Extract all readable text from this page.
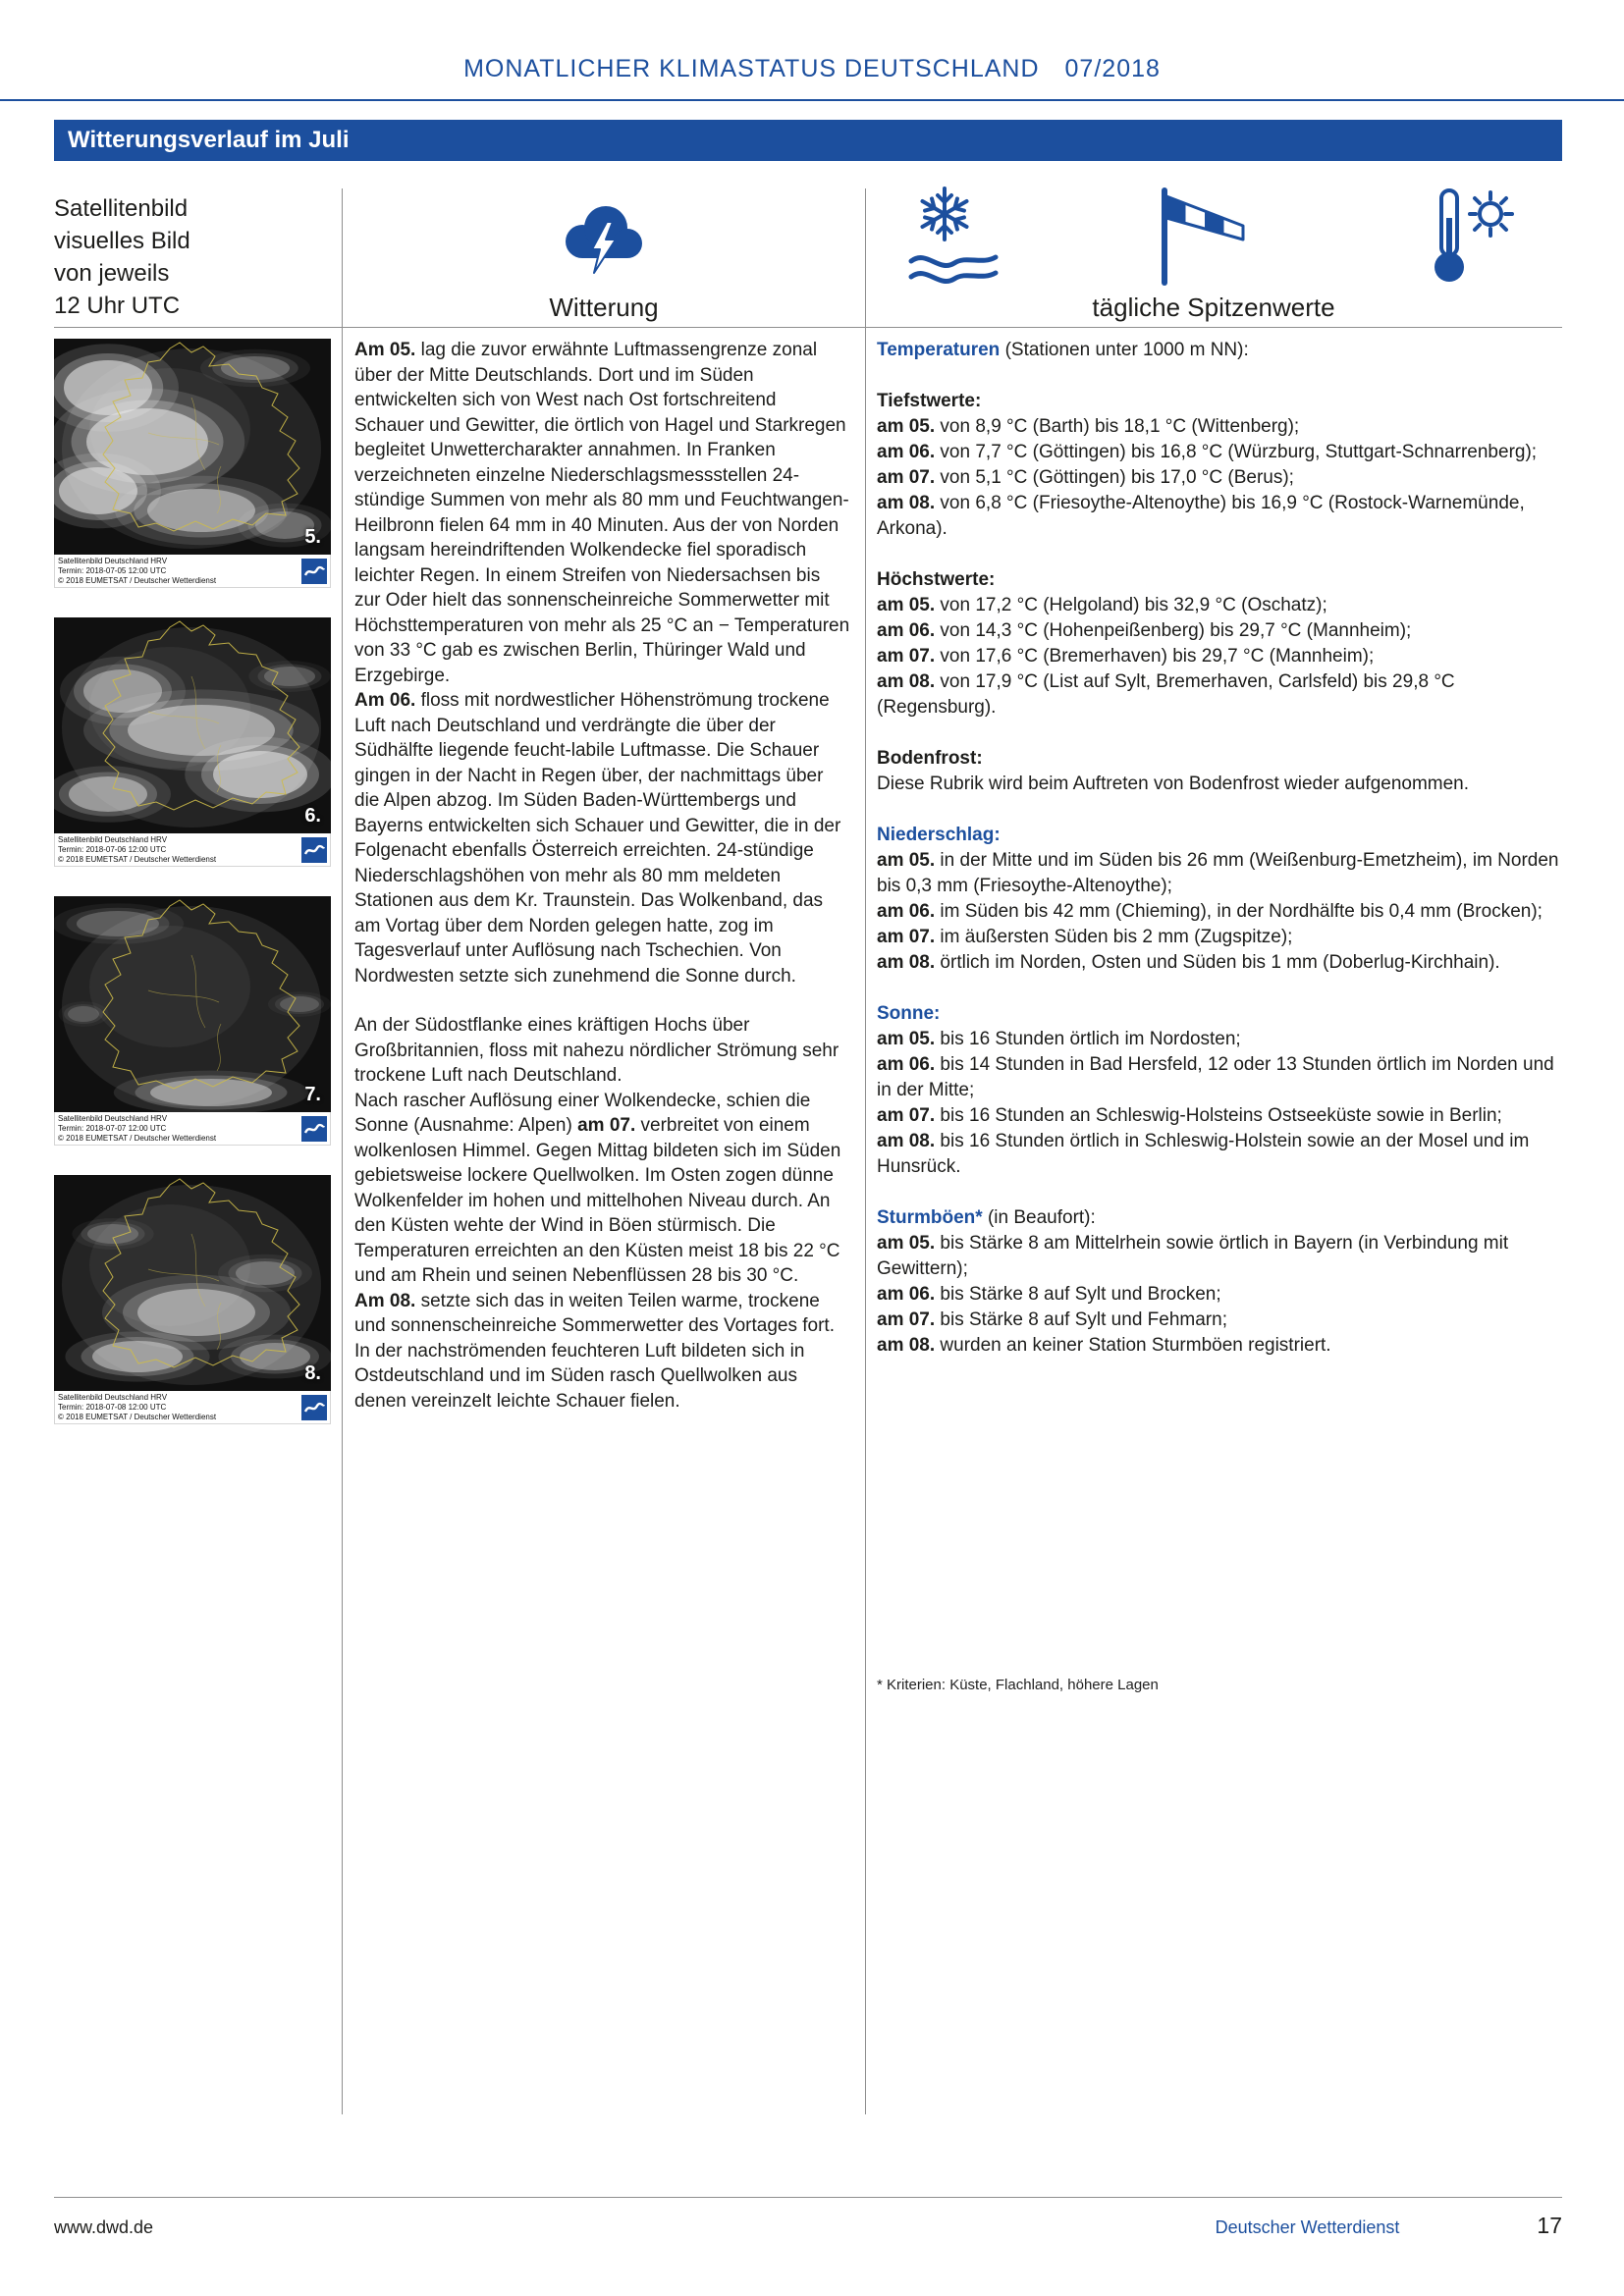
MONATLICHER KLIMASTATUS DEUTSCHLAND 07/2018
Witterungsverlauf im Juli
Satellitenbild
visuelles Bild
von jeweils
12 Uhr UTC	Witterung	tägliche Spitzenwerte
5.
Satellitenbild Deutschland HRV
Termin: 2018-07-05 12:00 UTC
© 2018 EUMETSAT / Deutscher Wetterdienst
6.
Satellitenbild Deutschland HRV
Termin: 2018-07-06 12:00 UTC
© 2018 EUMETSAT / Deutscher Wetterdienst
7.
Satellitenbild Deutschland HRV
Termin: 2018-07-07 12:00 UTC
© 2018 EUMETSAT / Deutscher Wetterdienst
8.
Satellitenbild Deutschland HRV
Termin: 2018-07-08 12:00 UTC
© 2018 EUMETSAT / Deutscher Wetterdienst

Am 05. lag die zuvor erwähnte Luftmassengrenze zonal über der Mitte Deutschlands. Dort und im Süden entwickelten sich von West nach Ost fortschreitend Schauer und Gewitter, die örtlich von Hagel und Starkregen begleitet Unwettercharakter annahmen. In Franken verzeichneten einzelne Niederschlagsmessstellen 24-stündige Summen von mehr als 80 mm und Feuchtwangen-Heilbronn fielen 64 mm in 40 Minuten. Aus der von Norden langsam hereindriftenden Wolkendecke fiel sporadisch leichter Regen. In einem Streifen von Niedersachsen bis zur Oder hielt das sonnenscheinreiche Sommerwetter mit Höchsttemperaturen von mehr als 25 °C an − Temperaturen von 33 °C gab es zwischen Berlin, Thüringer Wald und Erzgebirge.

Am 06. floss mit nordwestlicher Höhenströmung trockene Luft nach Deutschland und verdrängte die über der Südhälfte liegende feucht-labile Luftmasse. Die Schauer gingen in der Nacht in Regen über, der nachmittags über die Alpen abzog. Im Süden Baden-Württembergs und Bayerns entwickelten sich Schauer und Gewitter, die in der Folgenacht ebenfalls Österreich erreichten. 24-stündige Niederschlagshöhen von mehr als 80 mm meldeten Stationen aus dem Kr. Traunstein. Das Wolkenband, das am Vortag über dem Norden gelegen hatte, zog im Tagesverlauf unter Auflösung nach Tschechien. Von Nordwesten setzte sich zunehmend die Sonne durch.

An der Südostflanke eines kräftigen Hochs über Großbritannien, floss mit nahezu nördlicher Strömung sehr trockene Luft nach Deutschland.

Nach rascher Auflösung einer Wolkendecke, schien die Sonne (Ausnahme: Alpen) am 07. verbreitet von einem wolkenlosen Himmel. Gegen Mittag bildeten sich im Süden gebietsweise lockere Quellwolken. Im Osten zogen dünne Wolkenfelder im hohen und mittelhohen Niveau durch. An den Küsten wehte der Wind in Böen stürmisch. Die Temperaturen erreichten an den Küsten meist 18 bis 22 °C und am Rhein und seinen Nebenflüssen 28 bis 30 °C.

Am 08. setzte sich das in weiten Teilen warme, trockene und sonnenscheinreiche Sommerwetter des Vortages fort. In der nachströmenden feuchteren Luft bildeten sich in Ostdeutschland und im Süden rasch Quellwolken aus denen vereinzelt leichte Schauer fielen.

Temperaturen (Stationen unter 1000 m NN):
Tiefstwerte:
am 05. von 8,9 °C (Barth) bis 18,1 °C (Wittenberg);
am 06. von 7,7 °C (Göttingen) bis 16,8 °C (Würzburg, Stuttgart-Schnarrenberg);
am 07. von 5,1 °C (Göttingen) bis 17,0 °C (Berus);
am 08. von 6,8 °C (Friesoythe-Altenoythe) bis 16,9 °C (Rostock-Warnemünde, Arkona).
Höchstwerte:
am 05. von 17,2 °C (Helgoland) bis 32,9 °C (Oschatz);
am 06. von 14,3 °C (Hohenpeißenberg) bis 29,7 °C (Mannheim);
am 07. von 17,6 °C (Bremerhaven) bis 29,7 °C (Mannheim);
am 08. von 17,9 °C (List auf Sylt, Bremerhaven, Carlsfeld) bis 29,8 °C (Regensburg).
Bodenfrost:
Diese Rubrik wird beim Auftreten von Bodenfrost wieder aufgenommen.
Niederschlag:
am 05. in der Mitte und im Süden bis 26 mm (Weißenburg-Emetzheim), im Norden bis 0,3 mm (Friesoythe-Altenoythe);
am 06. im Süden bis 42 mm (Chieming), in der Nordhälfte bis 0,4 mm (Brocken);
am 07. im äußersten Süden bis 2 mm (Zugspitze);
am 08. örtlich im Norden, Osten und Süden bis 1 mm (Doberlug-Kirchhain).
Sonne:
am 05. bis 16 Stunden örtlich im Nordosten;
am 06. bis 14 Stunden in Bad Hersfeld, 12 oder 13 Stunden örtlich im Norden und in der Mitte;
am 07. bis 16 Stunden an Schleswig-Holsteins Ostseeküste sowie in Berlin;
am 08. bis 16 Stunden örtlich in Schleswig-Holstein sowie an der Mosel und im Hunsrück.
Sturmböen* (in Beaufort):
am 05. bis Stärke 8 am Mittelrhein sowie örtlich in Bayern (in Verbindung mit Gewittern);
am 06. bis Stärke 8 auf Sylt und Brocken;
am 07. bis Stärke 8 auf Sylt und Fehmarn;
am 08. wurden an keiner Station Sturmböen registriert.
* Kriterien: Küste, Flachland, höhere Lagen
www.dwd.de	Deutscher Wetterdienst	17
